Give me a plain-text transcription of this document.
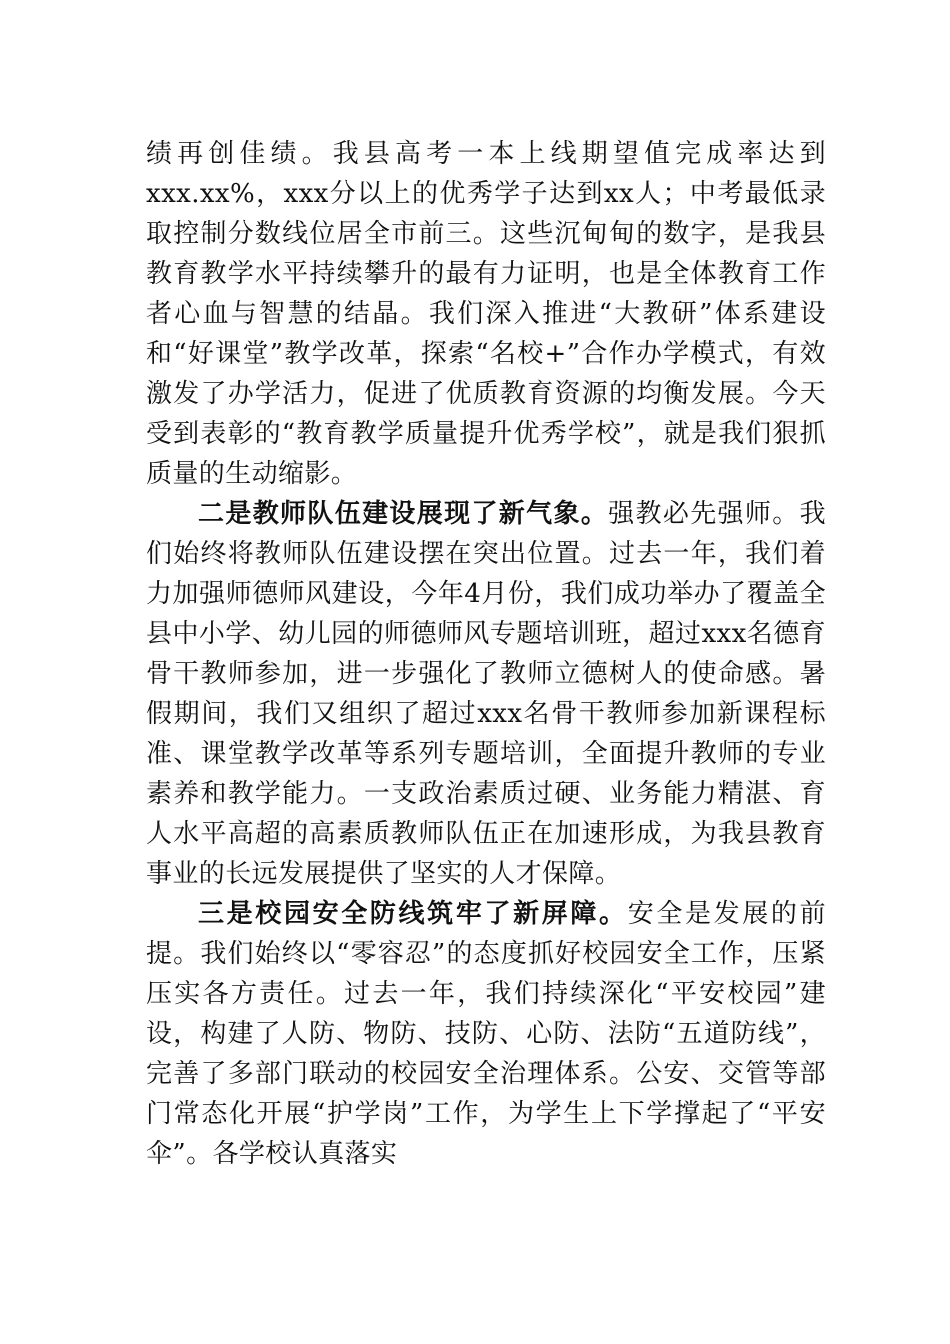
绩再创佳绩。我县高考一本上线期望值完成率达到xxx.xx%，xxx分以上的优秀学子达到xx人；中考最低录取控制分数线位居全市前三。这些沉甸甸的数字，是我县教育教学水平持续攀升的最有力证明，也是全体教育工作者心血与智慧的结晶。我们深入推进“大教研”体系建设和“好课堂”教学改革，探索“名校+”合作办学模式，有效激发了办学活力，促进了优质教育资源的均衡发展。今天受到表彰的“教育教学质量提升优秀学校”，就是我们狠抓质量的生动缩影。

二是教师队伍建设展现了新气象。强教必先强师。我们始终将教师队伍建设摆在突出位置。过去一年，我们着力加强师德师风建设，今年4月份，我们成功举办了覆盖全县中小学、幼儿园的师德师风专题培训班，超过xxx名德育骨干教师参加，进一步强化了教师立德树人的使命感。暑假期间，我们又组织了超过xxx名骨干教师参加新课程标准、课堂教学改革等系列专题培训，全面提升教师的专业素养和教学能力。一支政治素质过硬、业务能力精湛、育人水平高超的高素质教师队伍正在加速形成，为我县教育事业的长远发展提供了坚实的人才保障。

三是校园安全防线筑牢了新屏障。安全是发展的前提。我们始终以“零容忍”的态度抓好校园安全工作，压紧压实各方责任。过去一年，我们持续深化“平安校园”建设，构建了人防、物防、技防、心防、法防“五道防线”，完善了多部门联动的校园安全治理体系。公安、交管等部门常态化开展“护学岗”工作，为学生上下学撑起了“平安伞”。各学校认真落实
